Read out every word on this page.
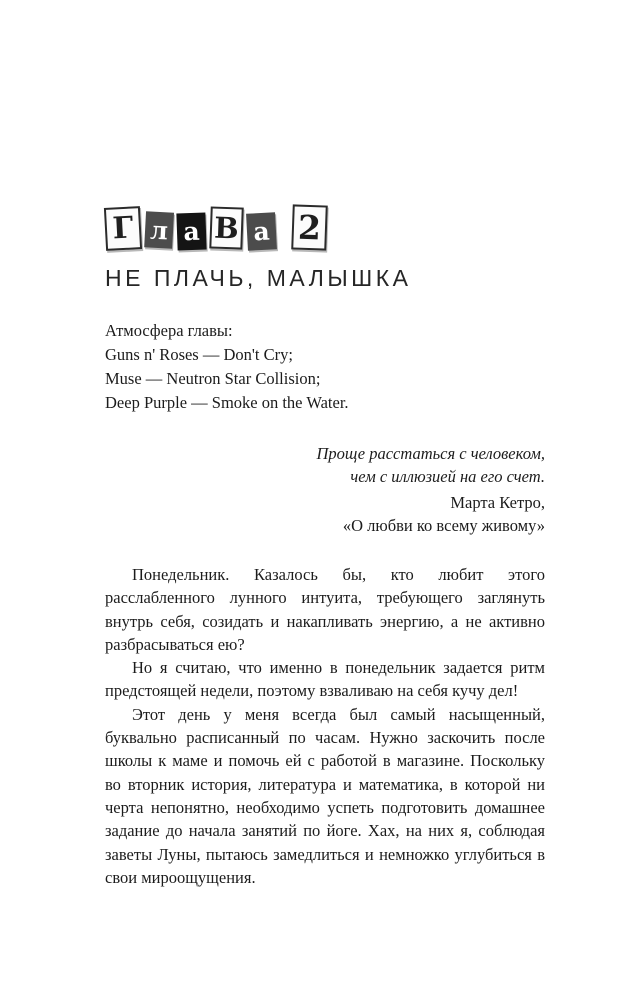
Г л а В а 2
НЕ ПЛАЧЬ, МАЛЫШКА
Атмосфера главы:
Guns n' Roses — Don't Cry;
Muse — Neutron Star Collision;
Deep Purple — Smoke on the Water.
Проще расстаться с человеком,
чем с иллюзией на его счет.
Марта Кетро,
«О любви ко всему живому»

Понедельник. Казалось бы, кто любит этого расслабленного лунного интуита, требующего заглянуть внутрь себя, созидать и накапливать энергию, а не активно разбрасываться ею?

Но я считаю, что именно в понедельник задается ритм предстоящей недели, поэтому взваливаю на себя кучу дел!

Этот день у меня всегда был самый насыщенный, буквально расписанный по часам. Нужно заскочить после школы к маме и помочь ей с работой в магазине. Поскольку во вторник история, литература и математика, в которой ни черта непонятно, необходимо успеть подготовить домашнее задание до начала занятий по йоге. Хах, на них я, соблюдая заветы Луны, пытаюсь замедлиться и немножко углубиться в свои мироощущения.
